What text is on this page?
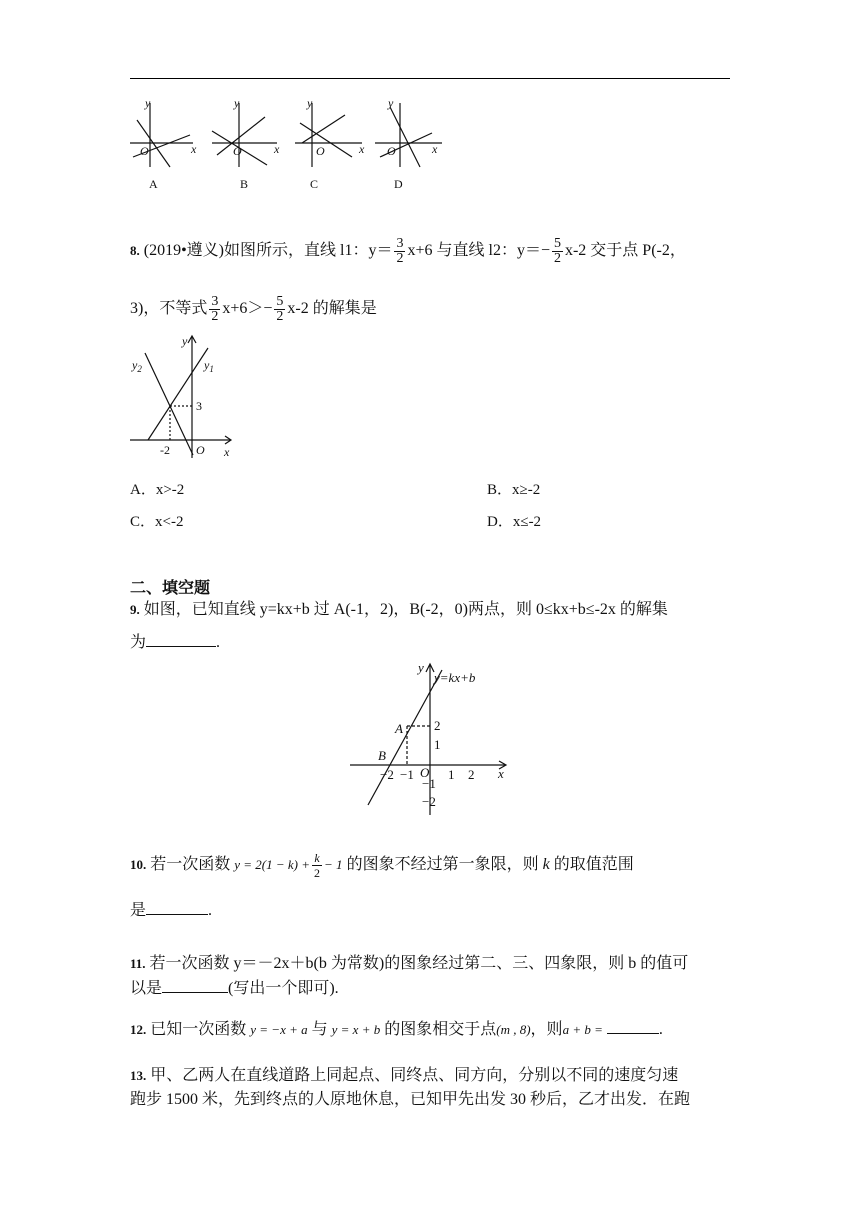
y
x
O
y
x
O
y
x
O
y
x
O
A	B	C	D
8. (2019•遵义)如图所示，直线 l1：$y= \frac{3}{2} x+6$ 与直线 l2：$y=- \frac{5}{2} x-2$ 交于点 P(-2，
3)，不等式 $\frac{3}{2} x+6>- \frac{5}{2} x-2$ 的解集是
$y_2$	$y_1$
y
x
3
-2 O
A．x>-2	B．x≥-2
C．x<-2	D．x≤-2
二、填空题
9. 如图，已知直线 y=kx+b 过 A(-1，2)，B(-2，0)两点，则 0≤kx+b≤-2x 的解集
为	.
y=kx+b
y
x
A
B
O
−2 −1	1 2
2
1
−1
−2
10. 若一次函数 $y = 2(1 - k) + \frac{k}{2} - 1$ 的图象不经过第一象限，则 k 的取值范围
是	.
11. 若一次函数 y＝－2x＋b(b 为常数)的图象经过第二、三、四象限，则 b 的值可
以是	(写出一个即可).
12. 已知一次函数 y = −x + a 与 y = x + b 的图象相交于点(m , 8)，则a + b =	.
13. 甲、乙两人在直线道路上同起点、同终点、同方向，分别以不同的速度匀速
跑步 1500 米，先到终点的人原地休息，已知甲先出发 30 秒后，乙才出发．在跑
